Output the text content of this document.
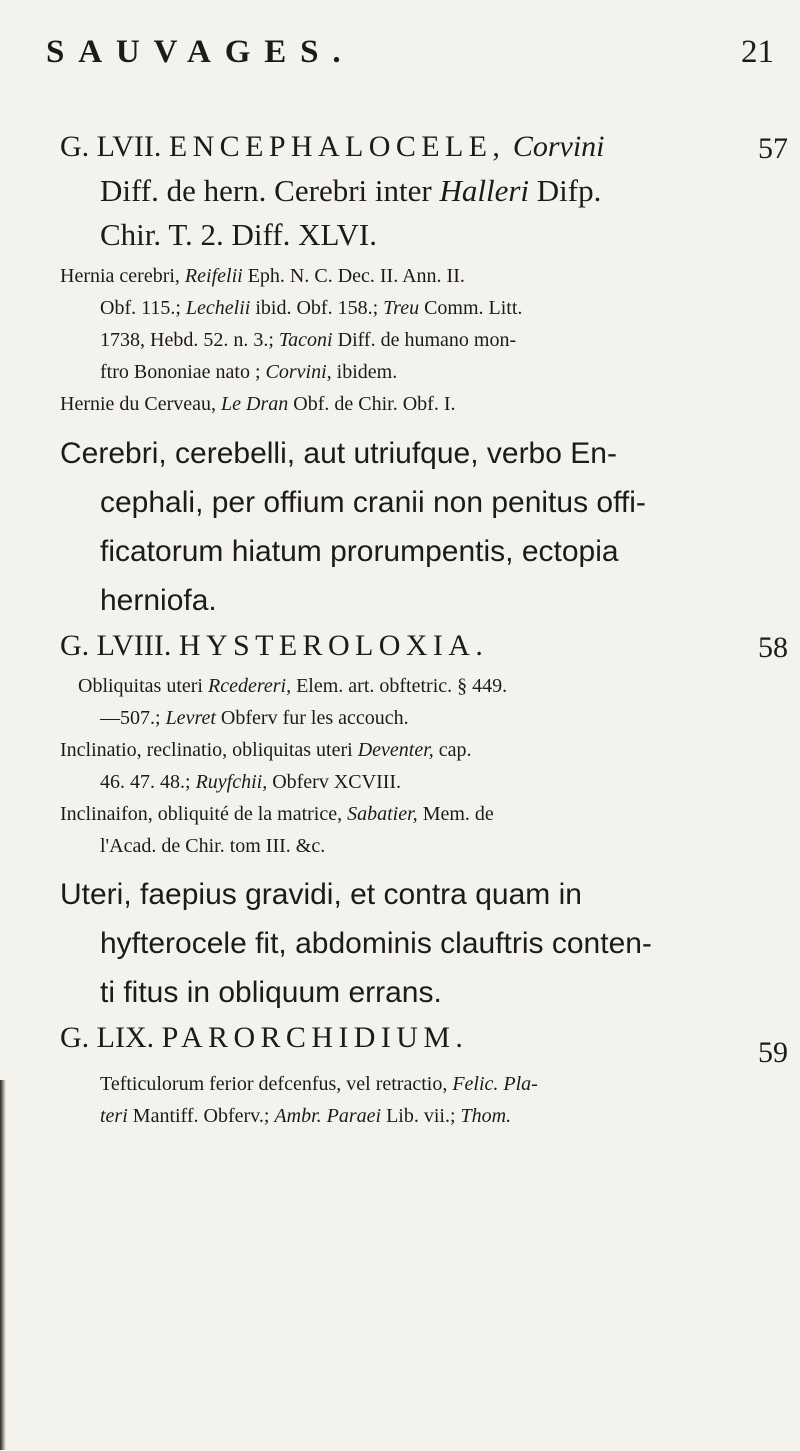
SAUVAGES.	21
G. LVII. ENCEPHALOCELE, Corvini	57
Diff. de hern. Cerebri inter Halleri Difp.
Chir. T. 2. Diff. XLVI.
Hernia cerebri, Reifelii Eph. N. C. Dec. II. Ann. II.
Obf. 115.; Lechelii ibid. Obf. 158.; Treu Comm. Litt.
1738, Hebd. 52. n. 3.; Taconi Diff. de humano mon-
ftro Bononiae nato ; Corvini, ibidem.
Hernie du Cerveau, Le Dran Obf. de Chir. Obf. I.
Cerebri, cerebelli, aut utriufque, verbo En-
cephali, per offium cranii non penitus offi-
ficatorum hiatum prorumpentis, ectopia
herniofa.
G. LVIII. HYSTEROLOXIA.	58
Obliquitas uteri Rcedereri, Elem. art. obftetric. § 449.
—507.; Levret Obferv fur les accouch.
Inclinatio, reclinatio, obliquitas uteri Deventer, cap.
46. 47. 48.; Ruyfchii, Obferv XCVIII.
Inclinaifon, obliquité de la matrice, Sabatier, Mem. de
l'Acad. de Chir. tom III. &c.
Uteri, faepius gravidi, et contra quam in
hyfterocele fit, abdominis clauftris conten-
ti fitus in obliquum errans.
G. LIX. PARORCHIDIUM.	59
Tefticulorum ferior defcenfus, vel retractio, Felic. Pla-
teri Mantiff. Obferv.; Ambr. Paraei Lib. vii.; Thom.
